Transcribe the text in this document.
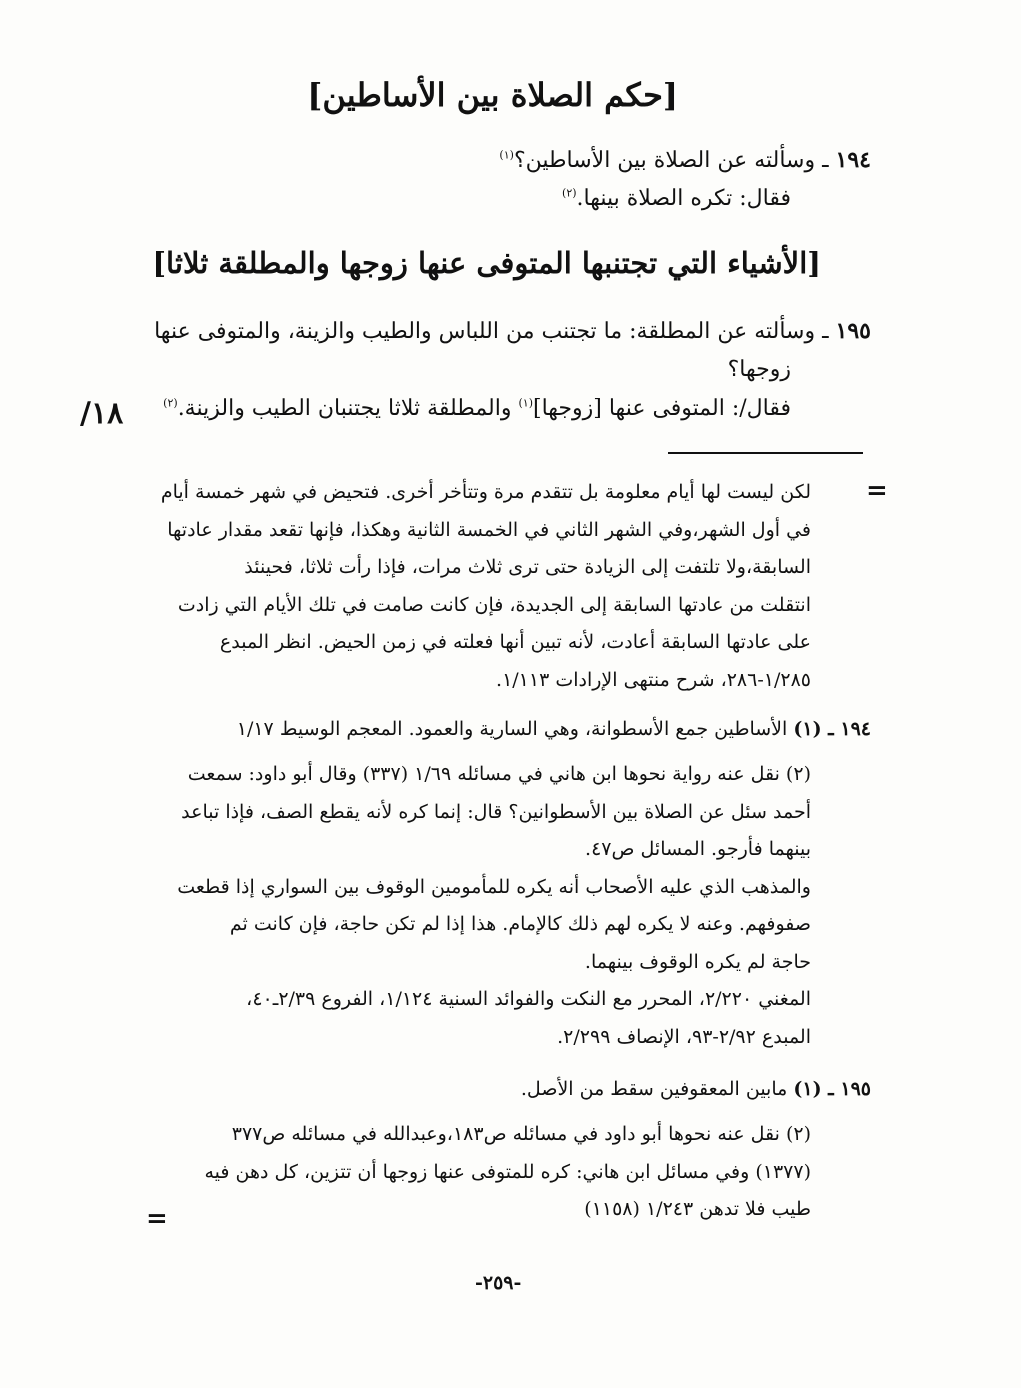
[حكم الصلاة بين الأساطين]
١٩٤ ـ وسألته عن الصلاة بين الأساطين؟$^{(١)}$
فقال: تكره الصلاة بينها.$^{(٢)}$
[الأشياء التي تجتنبها المتوفى عنها زوجها والمطلقة ثلاثا]
١٩٥ ـ وسألته عن المطلقة: ما تجتنب من اللباس والطيب والزينة، والمتوفى عنها
زوجها؟
فقال/: المتوفى عنها [زوجها]$^{(١)}$ والمطلقة ثلاثا يجتنبان الطيب والزينة.$^{(٢)}$
/١٨
=
لكن ليست لها أيام معلومة بل تتقدم مرة وتتأخر أخرى. فتحيض في شهر خمسة أيام
في أول الشهر،وفي الشهر الثاني في الخمسة الثانية وهكذا، فإنها تقعد مقدار عادتها
السابقة،ولا تلتفت إلى الزيادة حتى ترى ثلاث مرات، فإذا رأت ثلاثا، فحينئذ
انتقلت من عادتها السابقة إلى الجديدة، فإن كانت صامت في تلك الأيام التي زادت
على عادتها السابقة أعادت، لأنه تبين أنها فعلته في زمن الحيض. انظر المبدع
١/٢٨٥-٢٨٦، شرح منتهى الإرادات ١/١١٣.
١٩٤ ـ (١) الأساطين جمع الأسطوانة، وهي السارية والعمود. المعجم الوسيط ١/١٧
(٢) نقل عنه رواية نحوها ابن هاني في مسائله ١/٦٩ (٣٣٧) وقال أبو داود: سمعت
أحمد سئل عن الصلاة بين الأسطوانين؟ قال: إنما كره لأنه يقطع الصف، فإذا تباعد
بينهما فأرجو. المسائل ص٤٧.
والمذهب الذي عليه الأصحاب أنه يكره للمأمومين الوقوف بين السواري إذا قطعت
صفوفهم. وعنه لا يكره لهم ذلك كالإمام. هذا إذا لم تكن حاجة، فإن كانت ثم
حاجة لم يكره الوقوف بينهما.
المغني ٢/٢٢٠، المحرر مع النكت والفوائد السنية ١/١٢٤، الفروع ٢/٣٩ـ٤٠،
المبدع ٢/٩٢-٩٣، الإنصاف ٢/٢٩٩.
١٩٥ ـ (١) مابين المعقوفين سقط من الأصل.
(٢) نقل عنه نحوها أبو داود في مسائله ص١٨٣،وعبدالله في مسائله ص٣٧٧
(١٣٧٧) وفي مسائل ابن هاني: كره للمتوفى عنها زوجها أن تتزين، كل دهن فيه
طيب فلا تدهن ١/٢٤٣ (١١٥٨)
=
-٢٥٩-
